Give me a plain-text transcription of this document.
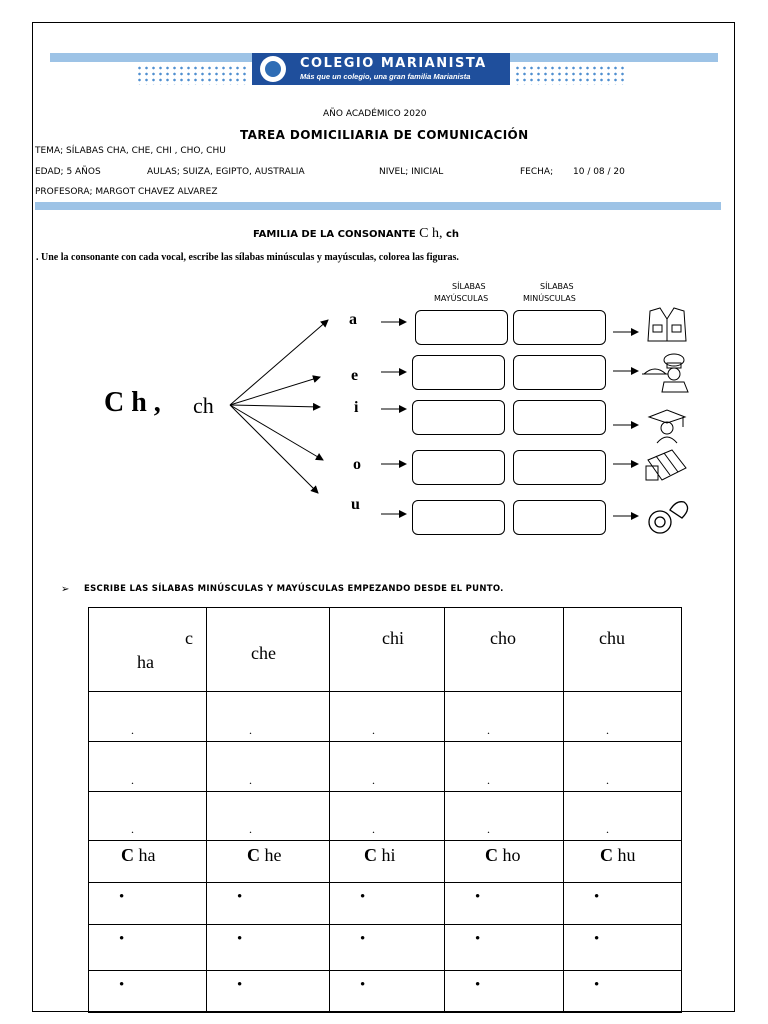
COLEGIO MARIANISTA
Más que un colegio, una gran familia Marianista
AÑO ACADÉMICO 2020
TAREA DOMICILIARIA DE COMUNICACIÓN
TEMA; SÍLABAS CHA, CHE, CHI , CHO, CHU
EDAD; 5 AÑOS	AULAS; SUIZA, EGIPTO, AUSTRALIA	NIVEL; INICIAL	FECHA; 10 / 08 / 20
PROFESORA; MARGOT CHAVEZ ALVAREZ
FAMILIA DE LA CONSONANTE C h, ch
. Une la consonante con cada vocal, escribe las sílabas minúsculas y mayúsculas, colorea las figuras.
SÍLABAS
MAYÚSCULAS
SÍLABAS
MINÚSCULAS
C h , ch
a
e
i
o
u
➢ ESCRIBE LAS SÍLABAS MINÚSCULAS Y MAYÚSCULAS EMPEZANDO DESDE EL PUNTO.
c
ha	che	chi	cho	chu

.	.	.	.	.

.	.	.	.	.

.	.	.	.	.

C ha	C he	C hi	C ho	C hu

•	•	•	•	•

•	•	•	•	•

•	•	•	•	•
